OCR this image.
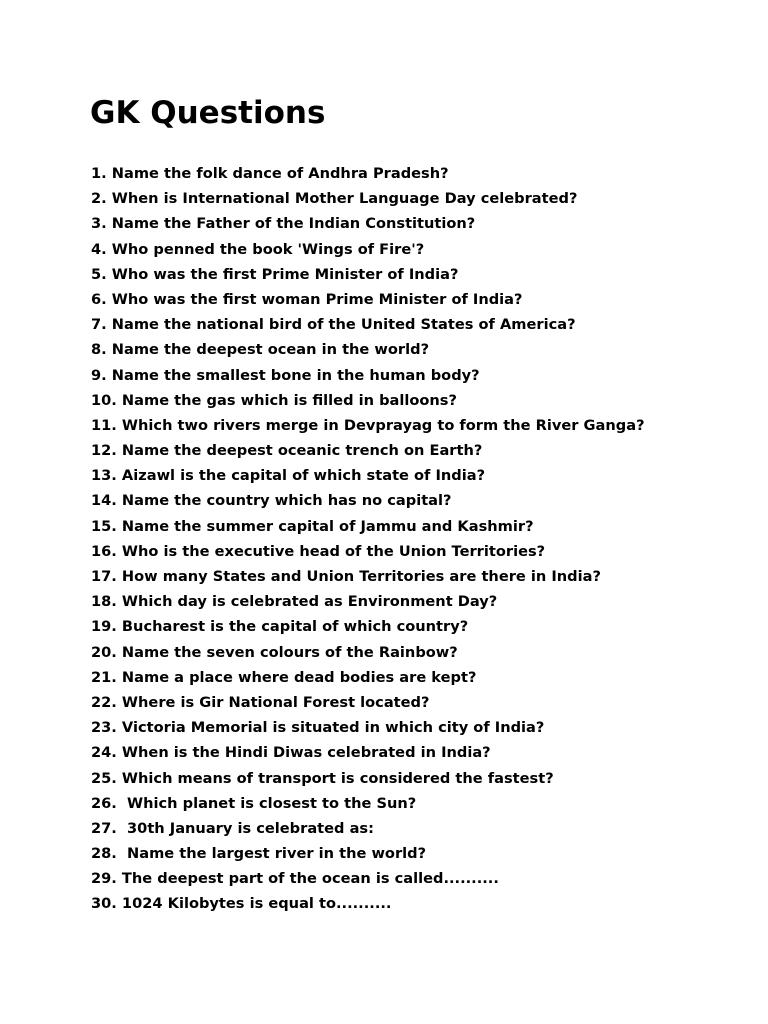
GK Questions
1. Name the folk dance of Andhra Pradesh?
2. When is International Mother Language Day celebrated?
3. Name the Father of the Indian Constitution?
4. Who penned the book 'Wings of Fire'?
5. Who was the first Prime Minister of India?
6. Who was the first woman Prime Minister of India?
7. Name the national bird of the United States of America?
8. Name the deepest ocean in the world?
9. Name the smallest bone in the human body?
10. Name the gas which is filled in balloons?
11. Which two rivers merge in Devprayag to form the River Ganga?
12. Name the deepest oceanic trench on Earth?
13. Aizawl is the capital of which state of India?
14. Name the country which has no capital?
15. Name the summer capital of Jammu and Kashmir?
16. Who is the executive head of the Union Territories?
17. How many States and Union Territories are there in India?
18. Which day is celebrated as Environment Day?
19. Bucharest is the capital of which country?
20. Name the seven colours of the Rainbow?
21. Name a place where dead bodies are kept?
22. Where is Gir National Forest located?
23. Victoria Memorial is situated in which city of India?
24. When is the Hindi Diwas celebrated in India?
25. Which means of transport is considered the fastest?
26.  Which planet is closest to the Sun?
27.  30th January is celebrated as:
28.  Name the largest river in the world?
29. The deepest part of the ocean is called..........
30. 1024 Kilobytes is equal to..........
